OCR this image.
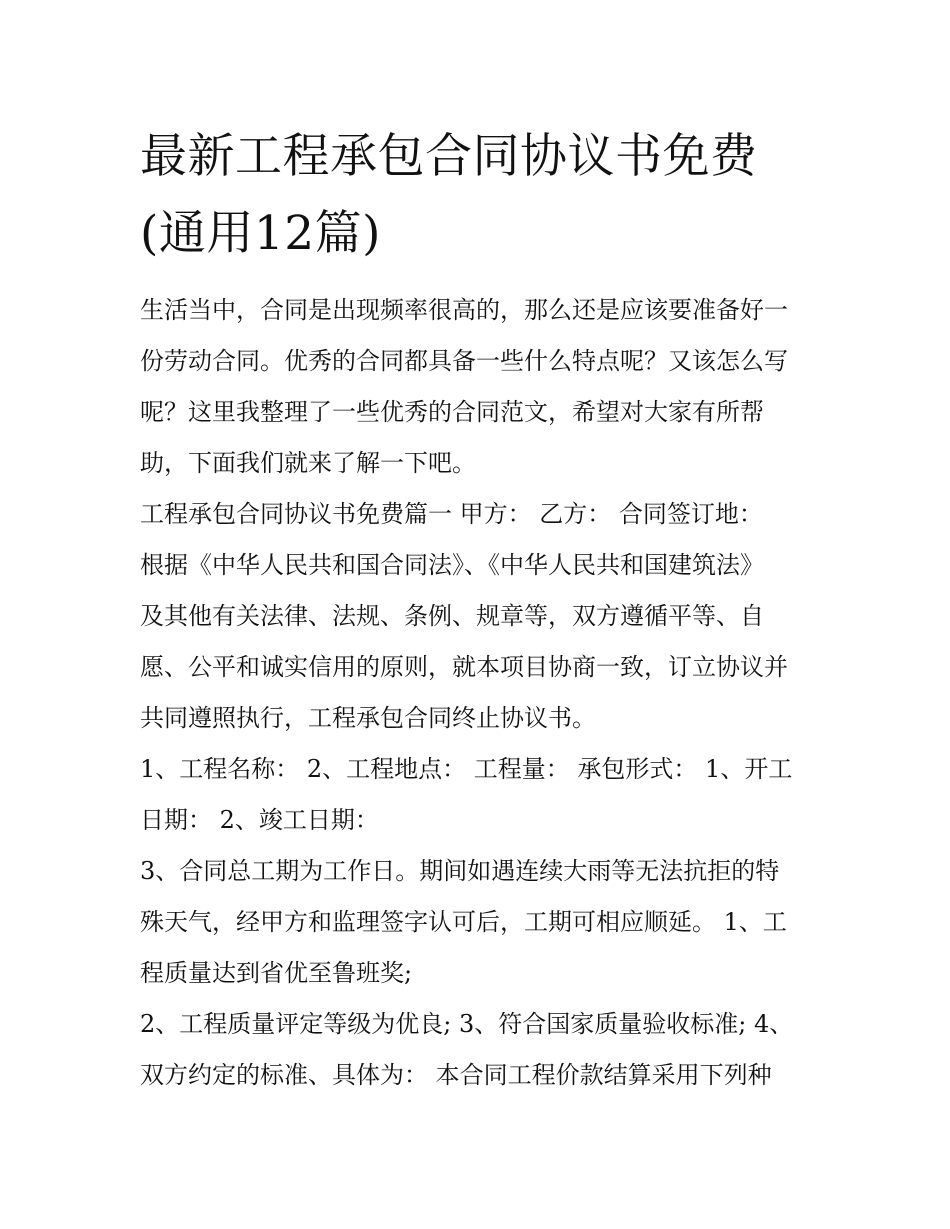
最新工程承包合同协议书免费
(通用12篇)

生活当中，合同是出现频率很高的，那么还是应该要准备好一
份劳动合同。优秀的合同都具备一些什么特点呢？又该怎么写
呢？这里我整理了一些优秀的合同范文，希望对大家有所帮
助，下面我们就来了解一下吧。

工程承包合同协议书免费篇一 甲方： 乙方： 合同签订地：
根据《中华人民共和国合同法》、《中华人民共和国建筑法》
及其他有关法律、法规、条例、规章等，双方遵循平等、自
愿、公平和诚实信用的原则，就本项目协商一致，订立协议并
共同遵照执行，工程承包合同终止协议书。

1、工程名称： 2、工程地点： 工程量： 承包形式： 1、开工
日期： 2、竣工日期：

3、合同总工期为工作日。期间如遇连续大雨等无法抗拒的特
殊天气，经甲方和监理签字认可后，工期可相应顺延。 1、工
程质量达到省优至鲁班奖;

2、工程质量评定等级为优良; 3、符合国家质量验收标准; 4、
双方约定的标准、具体为： 本合同工程价款结算采用下列种
